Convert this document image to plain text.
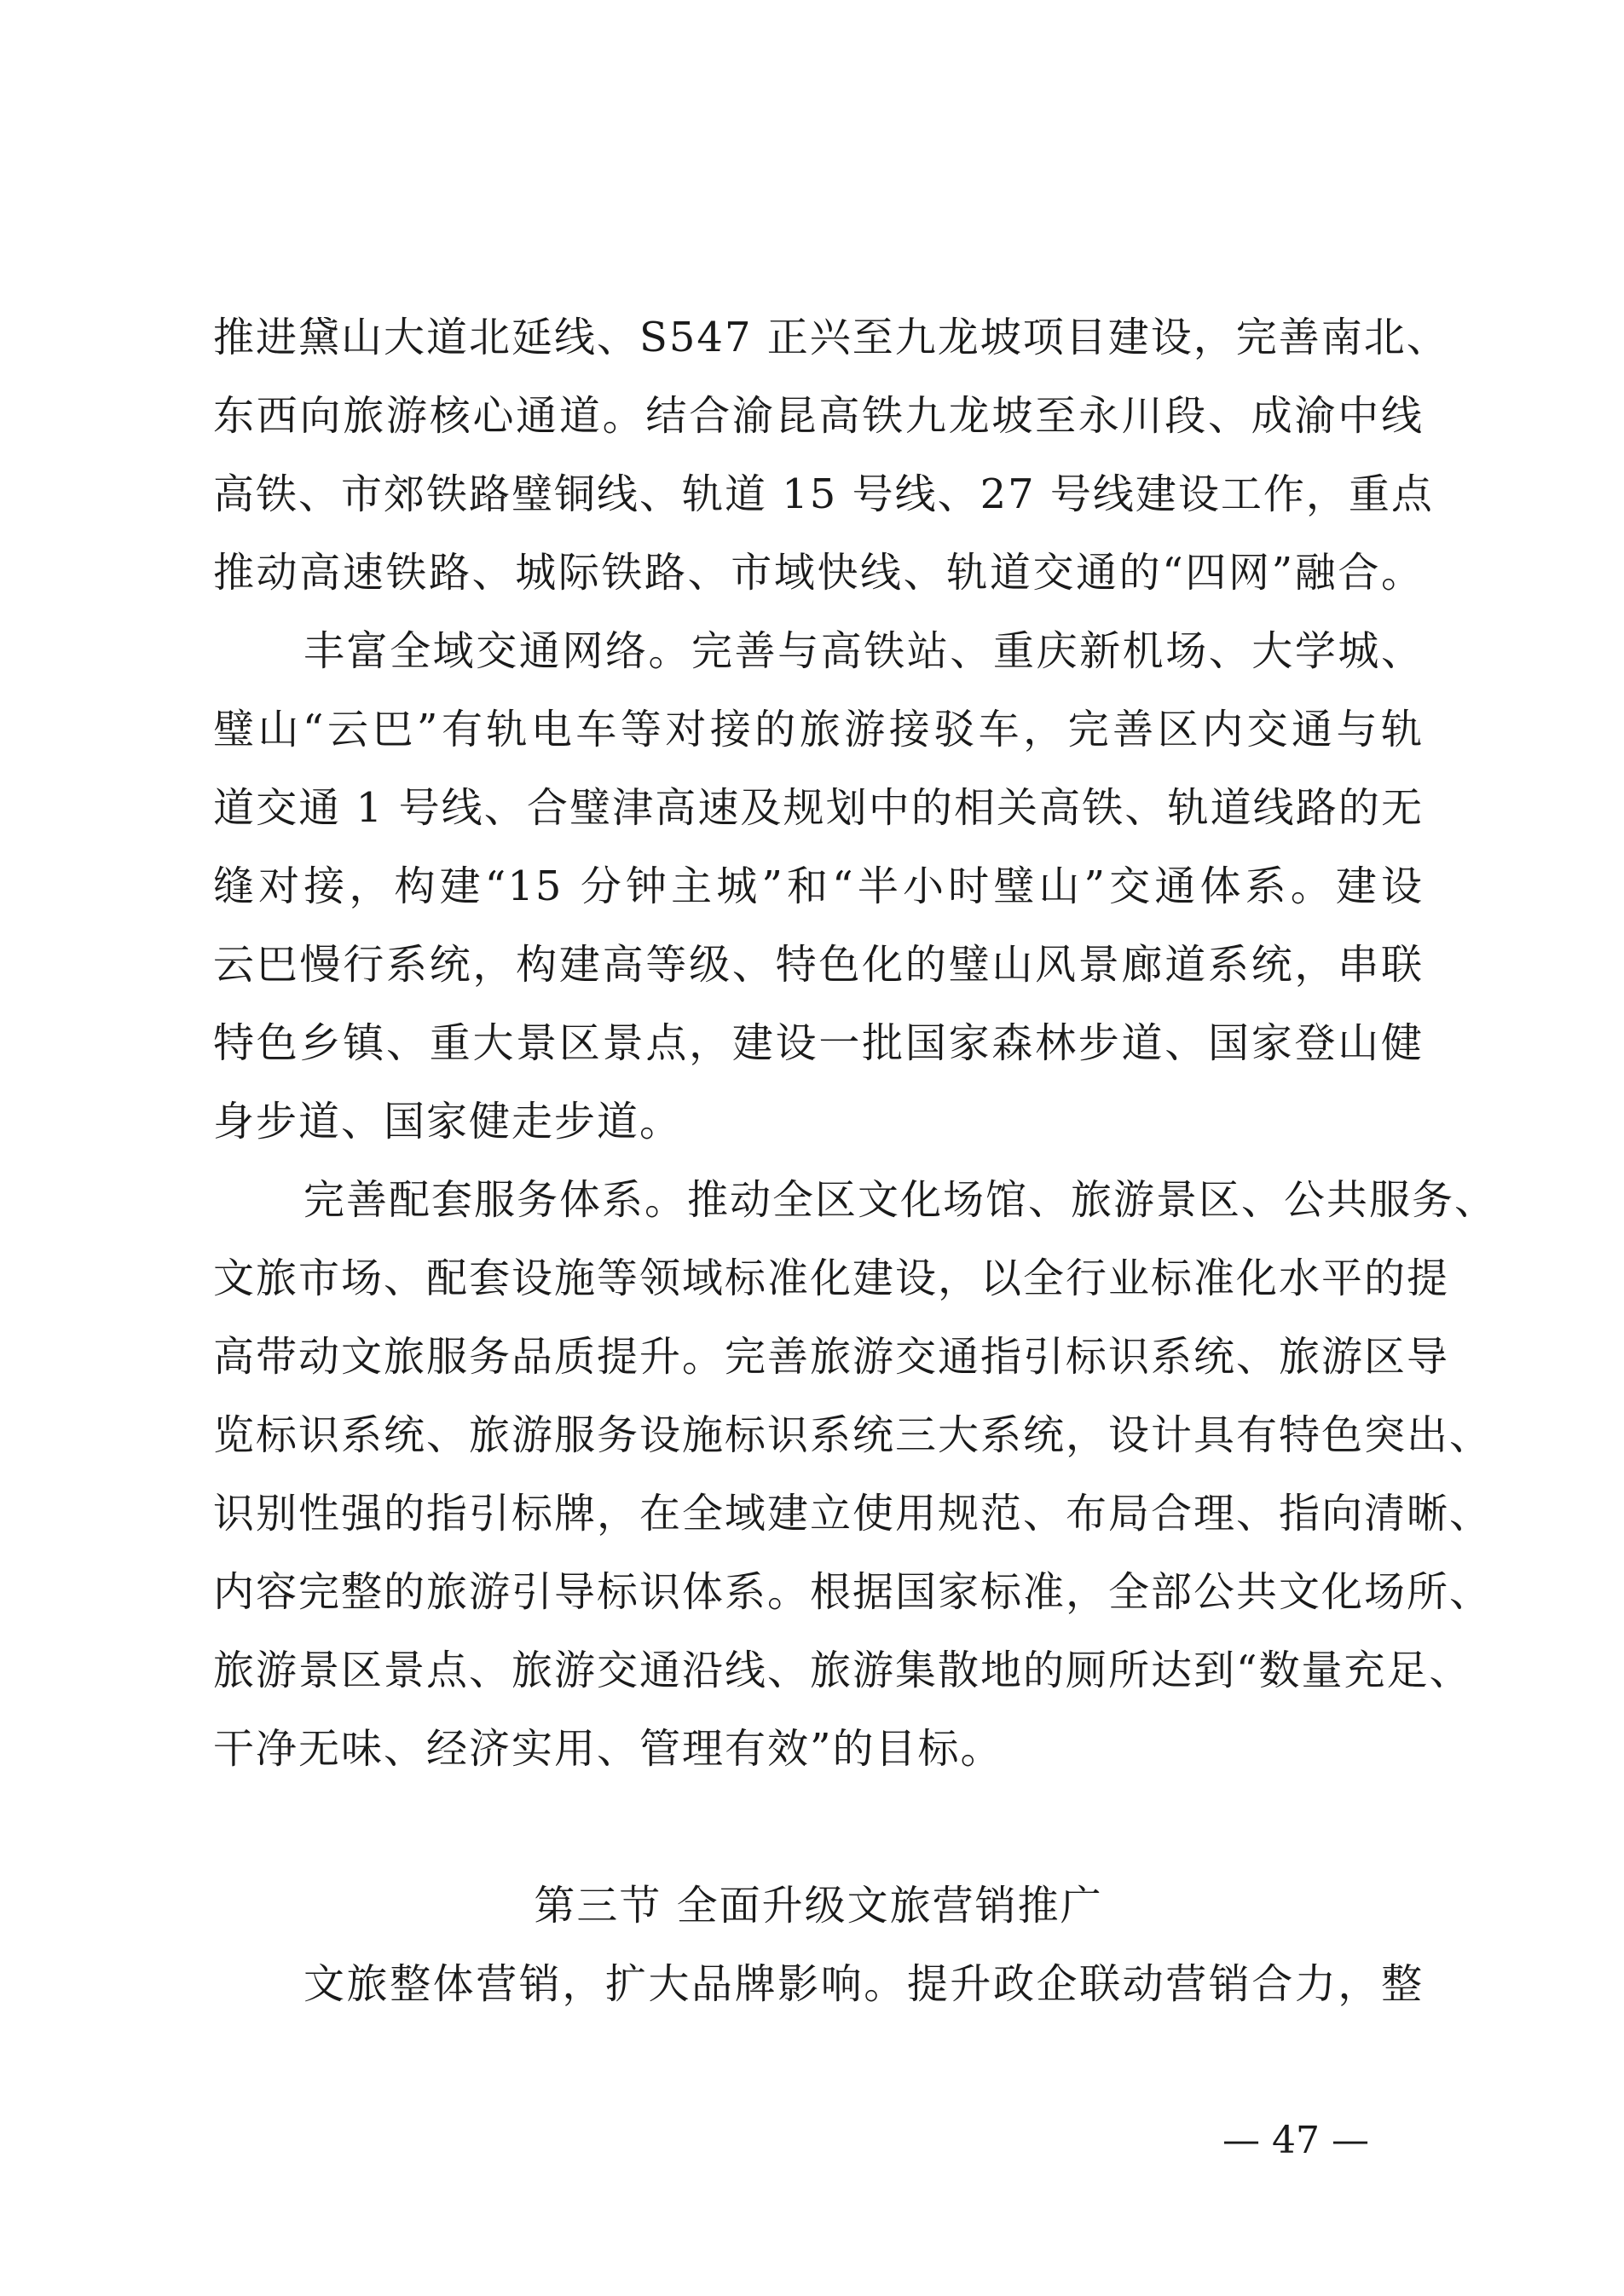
推进黛山大道北延线、S547 正兴至九龙坡项目建设，完善南北、
东西向旅游核心通道。结合渝昆高铁九龙坡至永川段、成渝中线
高铁、市郊铁路璧铜线、轨道 15 号线、27 号线建设工作，重点
推动高速铁路、城际铁路、市域快线、轨道交通的“四网”融合。
丰富全域交通网络。完善与高铁站、重庆新机场、大学城、
璧山“云巴”有轨电车等对接的旅游接驳车，完善区内交通与轨
道交通 1 号线、合璧津高速及规划中的相关高铁、轨道线路的无
缝对接，构建“15 分钟主城”和“半小时璧山”交通体系。建设
云巴慢行系统，构建高等级、特色化的璧山风景廊道系统，串联
特色乡镇、重大景区景点，建设一批国家森林步道、国家登山健
身步道、国家健走步道。
完善配套服务体系。推动全区文化场馆、旅游景区、公共服务、
文旅市场、配套设施等领域标准化建设，以全行业标准化水平的提
高带动文旅服务品质提升。完善旅游交通指引标识系统、旅游区导
览标识系统、旅游服务设施标识系统三大系统，设计具有特色突出、
识别性强的指引标牌，在全域建立使用规范、布局合理、指向清晰、
内容完整的旅游引导标识体系。根据国家标准，全部公共文化场所、
旅游景区景点、旅游交通沿线、旅游集散地的厕所达到“数量充足、
干净无味、经济实用、管理有效”的目标。
第三节 全面升级文旅营销推广
文旅整体营销，扩大品牌影响。提升政企联动营销合力，整
— 47 —
